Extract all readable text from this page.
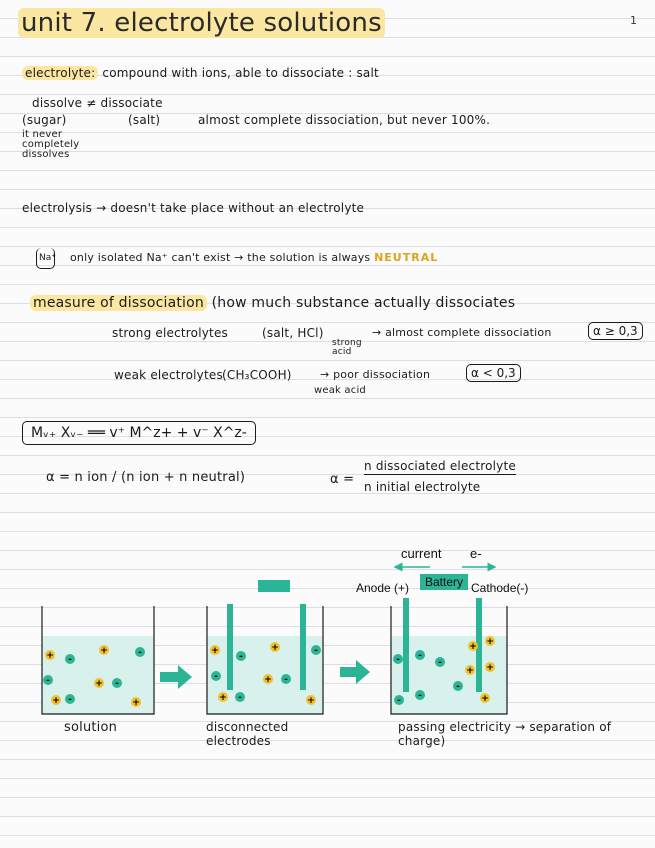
unit 7. electrolyte solutions	1
electrolyte: compound with ions, able to dissociate : salt
dissolve ≠ dissociate
(sugar)	(salt)	almost complete dissociation, but never 100%.
it never completely dissolves
electrolysis → doesn't take place without an electrolyte
Na⁺ only isolated Na⁺ can't exist → the solution is always NEUTRAL
measure of dissociation (how much substance actually dissociates
strong electrolytes	(salt, HCl)
strong acid
→ almost complete dissociation	α ≥ 0,3
weak electrolytes (CH₃COOH)	→ poor dissociation
weak acid
α < 0,3
Mᵥ₊ Xᵥ₋ ══ v⁺ M^z+ + v⁻ X^z-
α = n ion / (n ion + n neutral)	α =
n dissociated electrolyte
n initial electrolyte
current e-
Anode (+)	Cathode(-)
Battery
+ -
+	-
-	+ -
+ -	+
+
-
+	-
-	+ -
+ -	+
- -
-
-
- -
+ +
+
+
+
solution	disconnected electrodes
passing electricity → separation of charge)
